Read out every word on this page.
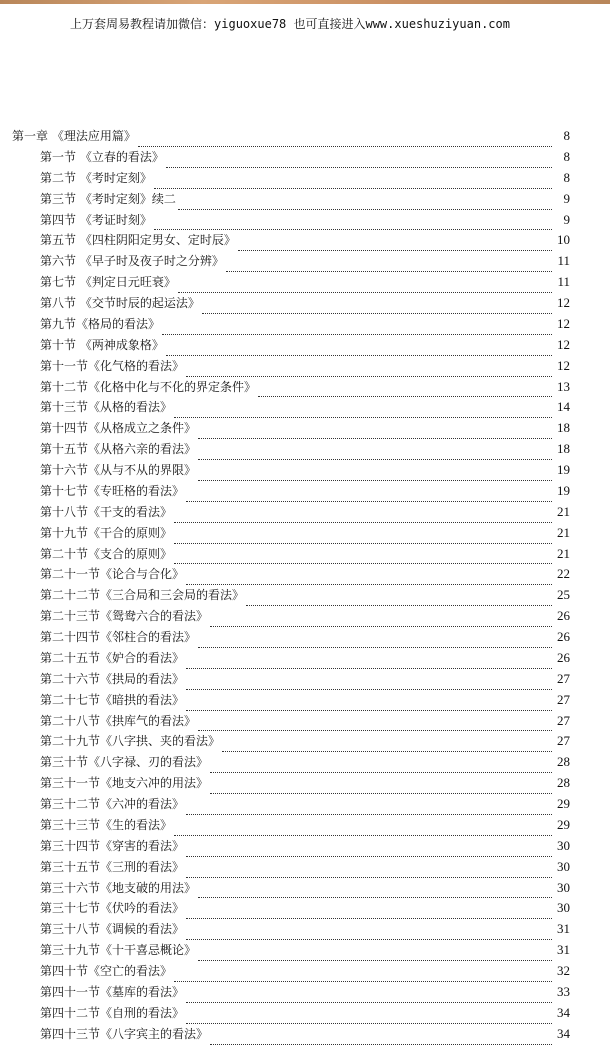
上万套周易教程请加微信：yiguoxue78 也可直接进入www.xueshuziyuan.com
第一章 《理法应用篇》	8
第一节 《立春的看法》	8
第二节 《考时定刻》	8
第三节 《考时定刻》续二	9
第四节 《考证时刻》	9
第五节 《四柱阴阳定男女、定时辰》	10
第六节 《早子时及夜子时之分辨》	11
第七节 《判定日元旺衰》	11
第八节 《交节时辰的起运法》	12
第九节《格局的看法》	12
第十节 《两神成象格》	12
第十一节《化气格的看法》	12
第十二节《化格中化与不化的界定条件》	13
第十三节《从格的看法》	14
第十四节《从格成立之条件》	18
第十五节《从格六亲的看法》	18
第十六节《从与不从的界限》	19
第十七节《专旺格的看法》	19
第十八节《干支的看法》	21
第十九节《干合的原则》	21
第二十节《支合的原则》	21
第二十一节《论合与合化》	22
第二十二节《三合局和三会局的看法》	25
第二十三节《鸳鸯六合的看法》	26
第二十四节《邻柱合的看法》	26
第二十五节《妒合的看法》	26
第二十六节《拱局的看法》	27
第二十七节《暗拱的看法》	27
第二十八节《拱库气的看法》	27
第二十九节《八字拱、夹的看法》	27
第三十节《八字禄、刃的看法》	28
第三十一节《地支六冲的用法》	28
第三十二节《六冲的看法》	29
第三十三节《生的看法》	29
第三十四节《穿害的看法》	30
第三十五节《三刑的看法》	30
第三十六节《地支破的用法》	30
第三十七节《伏吟的看法》	30
第三十八节《调候的看法》	31
第三十九节《十干喜忌概论》	31
第四十节《空亡的看法》	32
第四十一节《墓库的看法》	33
第四十二节《自刑的看法》	34
第四十三节《八字宾主的看法》	34
